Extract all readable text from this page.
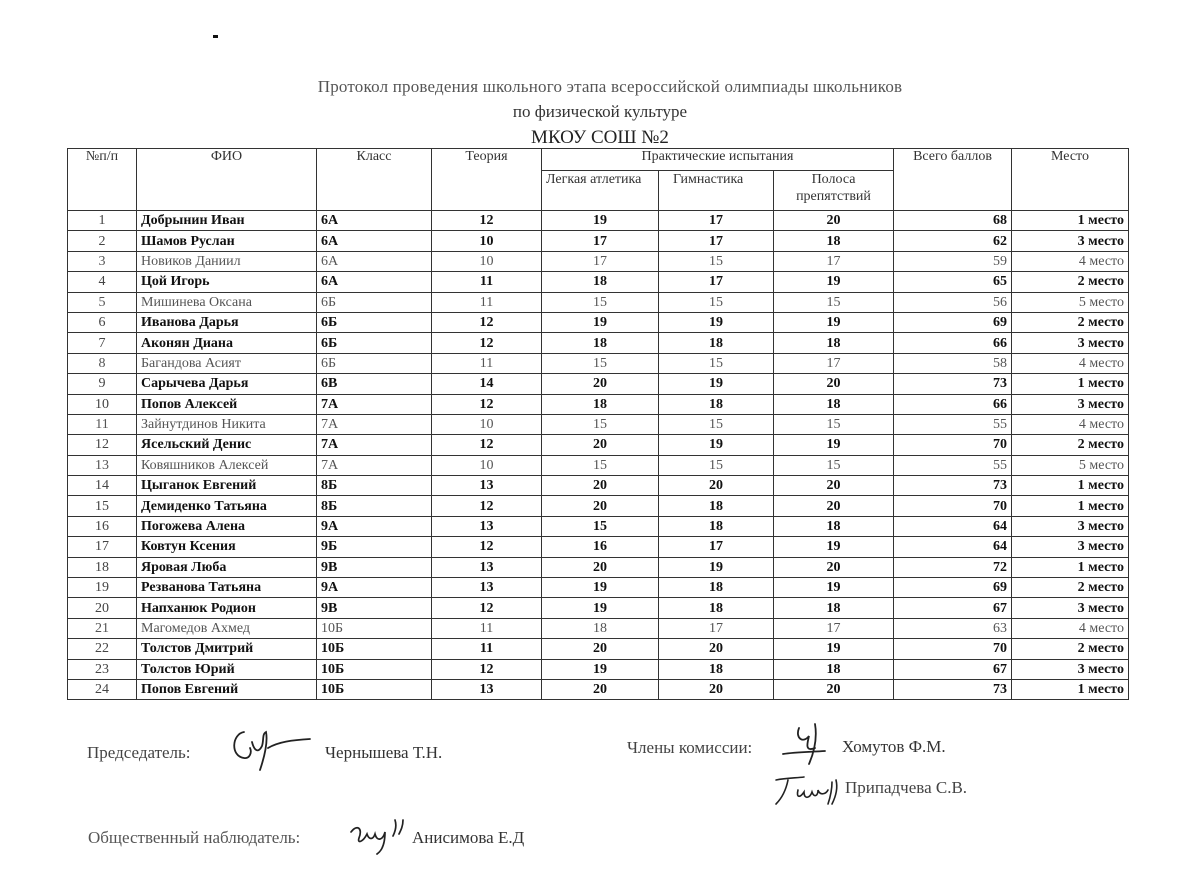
Протокол проведения школьного этапа всероссийской олимпиады школьников
по физической культуре
МКОУ СОШ №2
№п/п	ФИО	Класс	Теория	Практические испытания			Всего баллов	Место
				Легкая атлетика	Гимнастика	Полоса препятствий		
1	Добрынин Иван	6А	12	19	17	20	68	1 место
2	Шамов Руслан	6А	10	17	17	18	62	3 место
3	Новиков Даниил	6А	10	17	15	17	59	4 место
4	Цой Игорь	6А	11	18	17	19	65	2 место
5	Мишинева Оксана	6Б	11	15	15	15	56	5 место
6	Иванова Дарья	6Б	12	19	19	19	69	2 место
7	Аконян Диана	6Б	12	18	18	18	66	3 место
8	Багандова Асият	6Б	11	15	15	17	58	4 место
9	Сарычева Дарья	6В	14	20	19	20	73	1 место
10	Попов Алексей	7А	12	18	18	18	66	3 место
11	Зайнутдинов Никита	7А	10	15	15	15	55	4 место
12	Ясельский Денис	7А	12	20	19	19	70	2 место
13	Ковяшников Алексей	7А	10	15	15	15	55	5 место
14	Цыганок Евгений	8Б	13	20	20	20	73	1 место
15	Демиденко Татьяна	8Б	12	20	18	20	70	1 место
16	Погожева Алена	9А	13	15	18	18	64	3 место
17	Ковтун Ксения	9Б	12	16	17	19	64	3 место
18	Яровая Люба	9В	13	20	19	20	72	1 место
19	Резванова Татьяна	9А	13	19	18	19	69	2 место
20	Напханюк Родион	9В	12	19	18	18	67	3 место
21	Магомедов Ахмед	10Б	11	18	17	17	63	4 место
22	Толстов Дмитрий	10Б	11	20	20	19	70	2 место
23	Толстов Юрий	10Б	12	19	18	18	67	3 место
24	Попов Евгений	10Б	13	20	20	20	73	1 место
Председатель:	Чернышева Т.Н.	Члены комиссии:	Хомутов Ф.М.
Припадчева С.В.
Общественный наблюдатель:	Анисимова Е.Д
